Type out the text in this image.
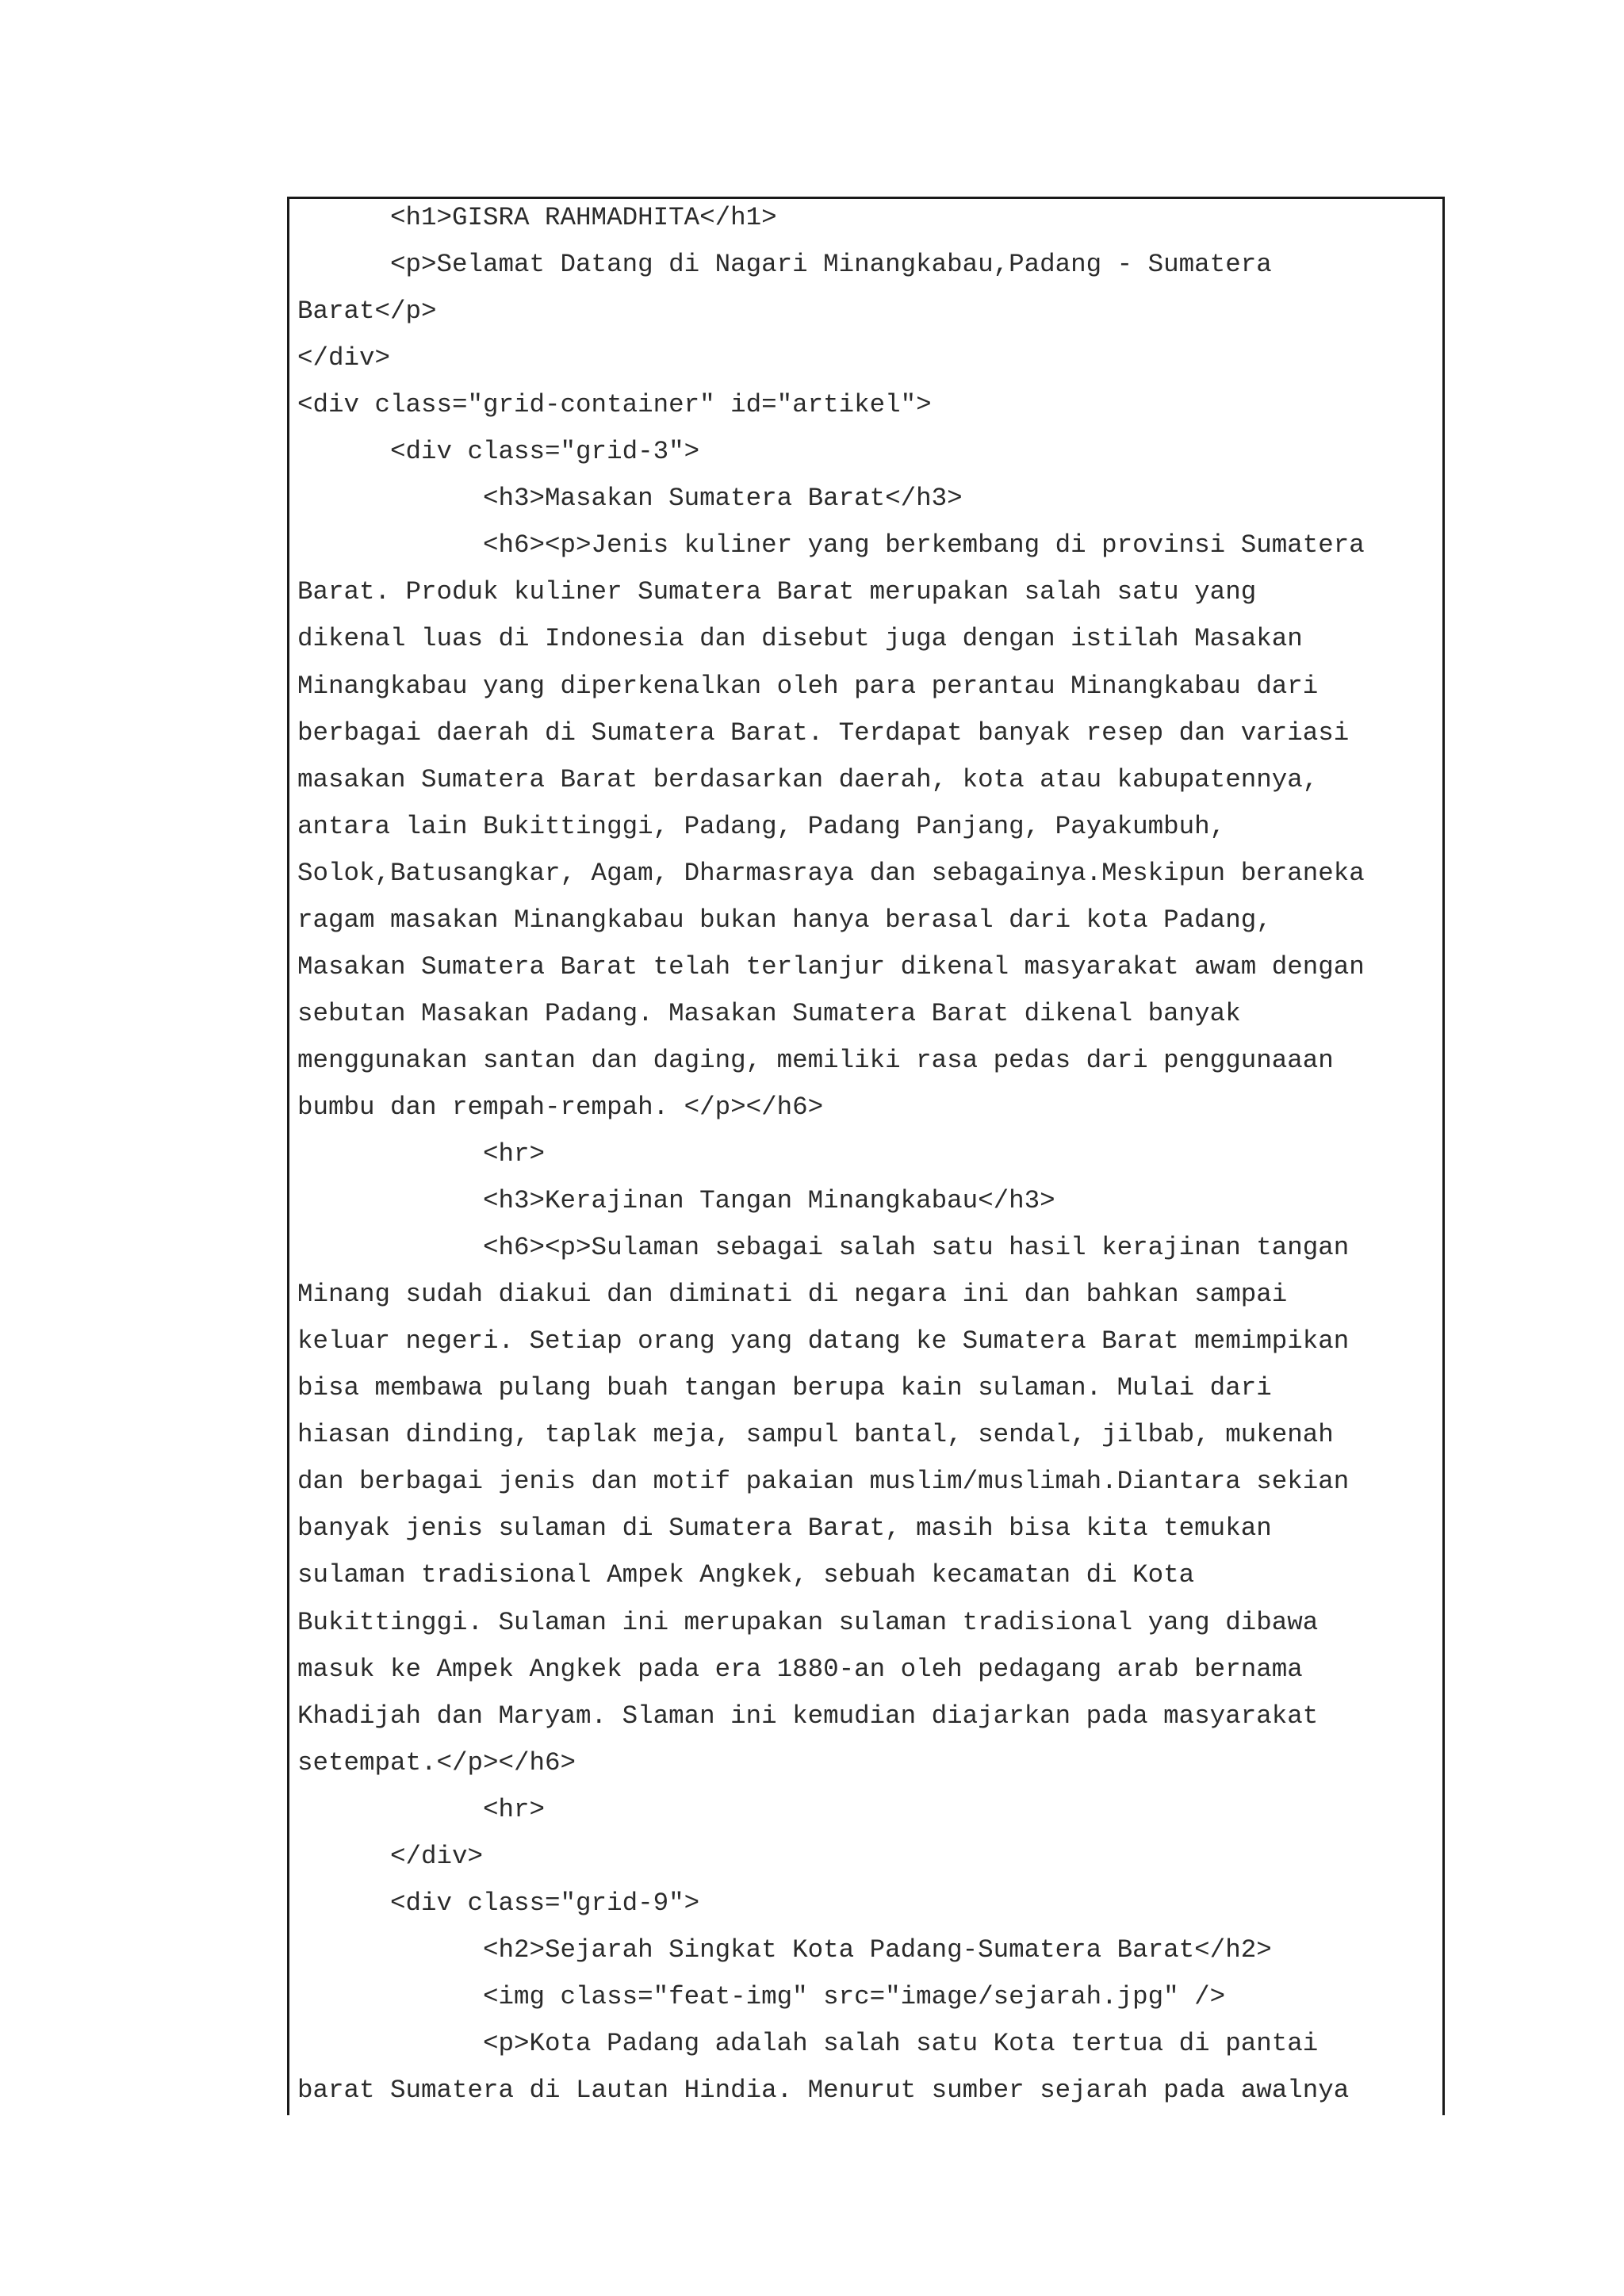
<h1>GISRA RAHMADHITA</h1>
<p>Selamat Datang di Nagari Minangkabau,Padang - Sumatera
Barat</p>
</div>
<div class="grid-container" id="artikel">
<div class="grid-3">
<h3>Masakan Sumatera Barat</h3>
<h6><p>Jenis kuliner yang berkembang di provinsi Sumatera
Barat. Produk kuliner Sumatera Barat merupakan salah satu yang
dikenal luas di Indonesia dan disebut juga dengan istilah Masakan
Minangkabau yang diperkenalkan oleh para perantau Minangkabau dari
berbagai daerah di Sumatera Barat. Terdapat banyak resep dan variasi
masakan Sumatera Barat berdasarkan daerah, kota atau kabupatennya,
antara lain Bukittinggi, Padang, Padang Panjang, Payakumbuh,
Solok,Batusangkar, Agam, Dharmasraya dan sebagainya.Meskipun beraneka
ragam masakan Minangkabau bukan hanya berasal dari kota Padang,
Masakan Sumatera Barat telah terlanjur dikenal masyarakat awam dengan
sebutan Masakan Padang. Masakan Sumatera Barat dikenal banyak
menggunakan santan dan daging, memiliki rasa pedas dari penggunaaan
bumbu dan rempah-rempah. </p></h6>
<hr>
<h3>Kerajinan Tangan Minangkabau</h3>
<h6><p>Sulaman sebagai salah satu hasil kerajinan tangan
Minang sudah diakui dan diminati di negara ini dan bahkan sampai
keluar negeri. Setiap orang yang datang ke Sumatera Barat memimpikan
bisa membawa pulang buah tangan berupa kain sulaman. Mulai dari
hiasan dinding, taplak meja, sampul bantal, sendal, jilbab, mukenah
dan berbagai jenis dan motif pakaian muslim/muslimah.Diantara sekian
banyak jenis sulaman di Sumatera Barat, masih bisa kita temukan
sulaman tradisional Ampek Angkek, sebuah kecamatan di Kota
Bukittinggi. Sulaman ini merupakan sulaman tradisional yang dibawa
masuk ke Ampek Angkek pada era 1880-an oleh pedagang arab bernama
Khadijah dan Maryam. Slaman ini kemudian diajarkan pada masyarakat
setempat.</p></h6>
<hr>
</div>
<div class="grid-9">
<h2>Sejarah Singkat Kota Padang-Sumatera Barat</h2>
<img class="feat-img" src="image/sejarah.jpg" />
<p>Kota Padang adalah salah satu Kota tertua di pantai
barat Sumatera di Lautan Hindia. Menurut sumber sejarah pada awalnya
